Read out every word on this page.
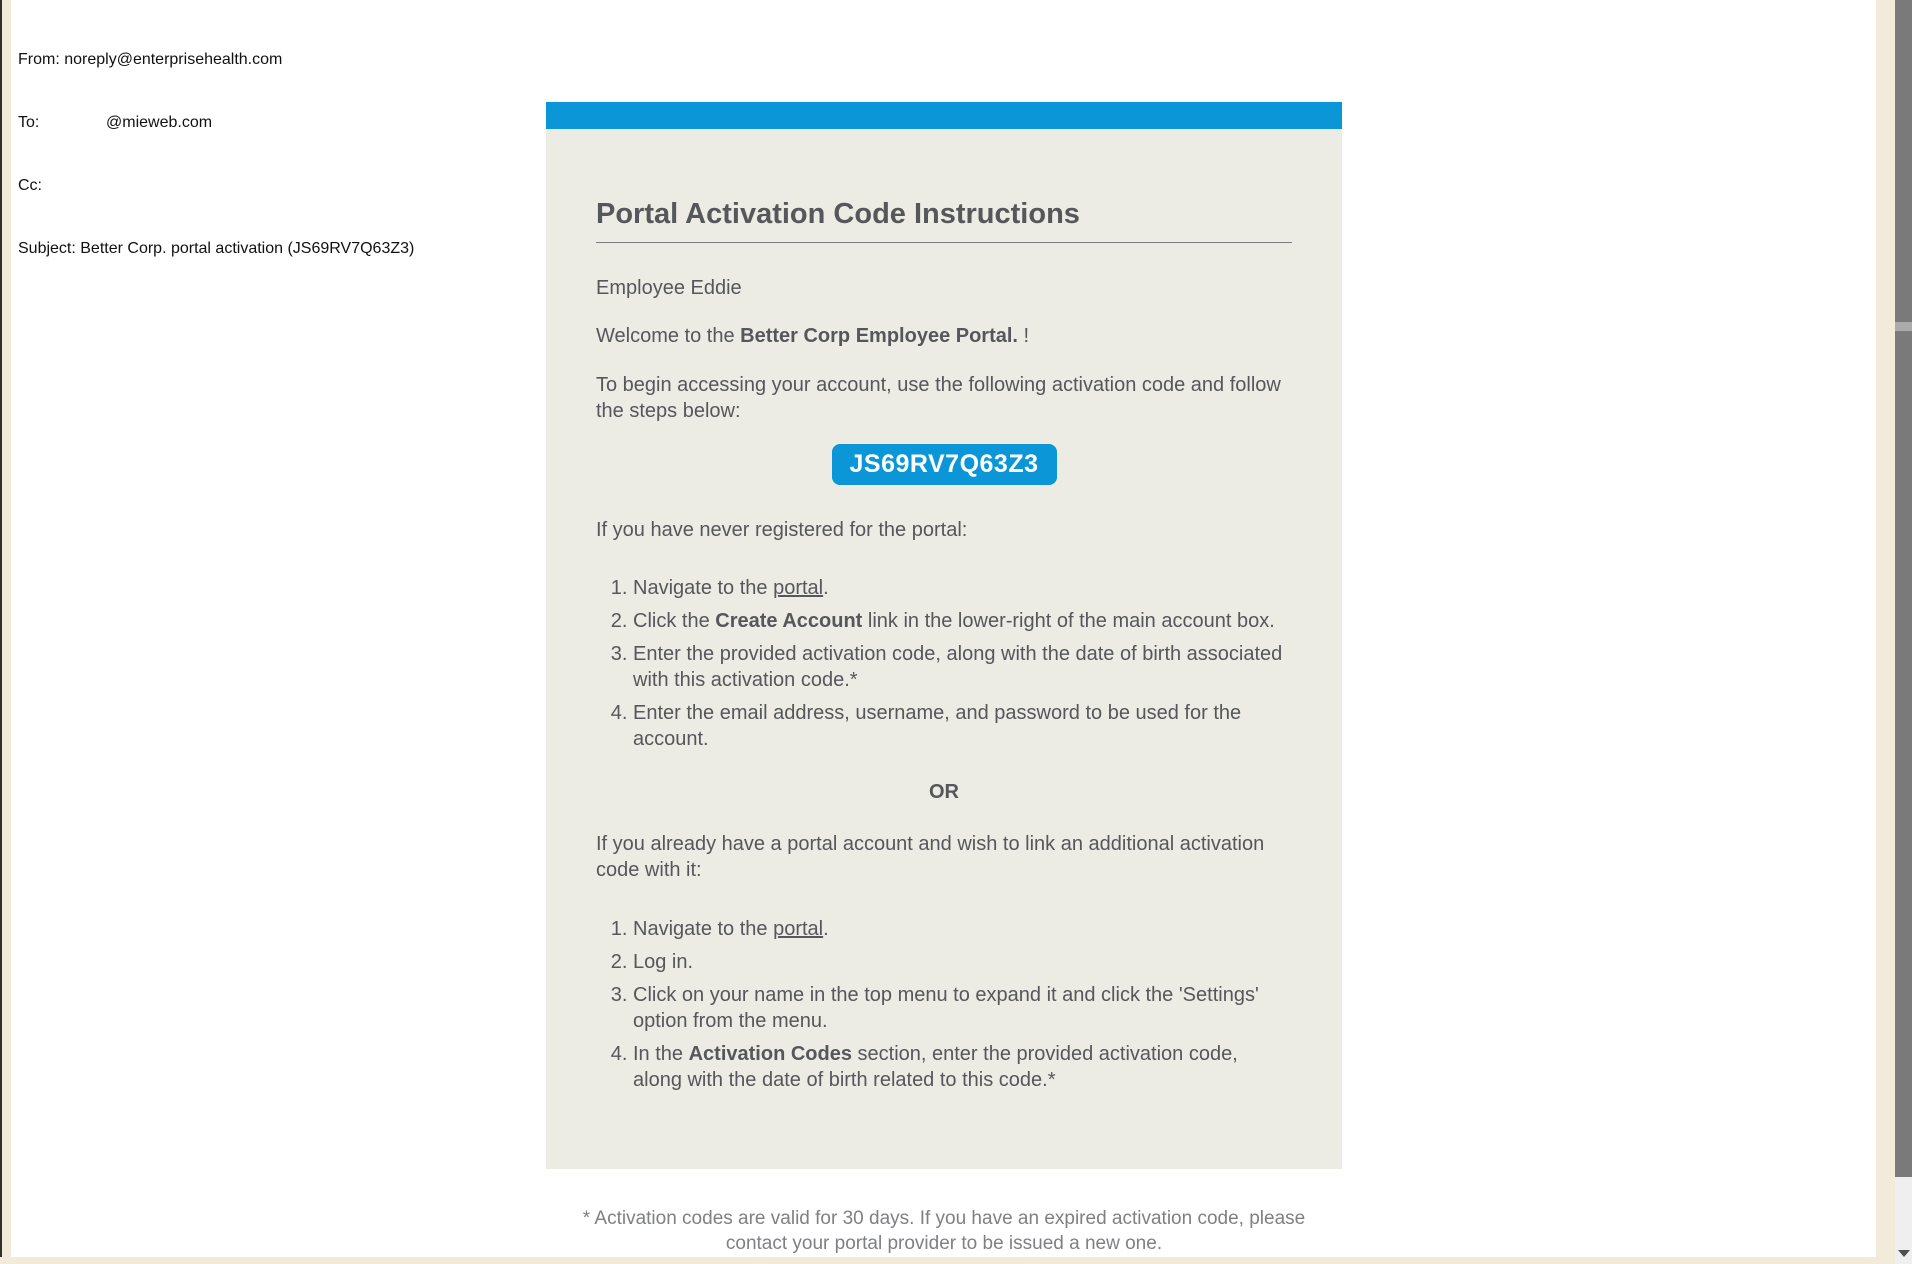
From: noreply@enterprisehealth.com

To:               @mieweb.com

Cc:

Subject: Better Corp. portal activation (JS69RV7Q63Z3)

Portal Activation Code Instructions

Employee Eddie

Welcome to the Better Corp Employee Portal. !

To begin accessing your account, use the following activation code and follow the steps below:

JS69RV7Q63Z3

If you have never registered for the portal:

1. Navigate to the portal.
2. Click the Create Account link in the lower-right of the main account box.
3. Enter the provided activation code, along with the date of birth associated with this activation code.*
4. Enter the email address, username, and password to be used for the account.

OR

If you already have a portal account and wish to link an additional activation code with it:

1. Navigate to the portal.
2. Log in.
3. Click on your name in the top menu to expand it and click the 'Settings' option from the menu.
4. In the Activation Codes section, enter the provided activation code, along with the date of birth related to this code.*
* Activation codes are valid for 30 days. If you have an expired activation code, please contact your portal provider to be issued a new one.
